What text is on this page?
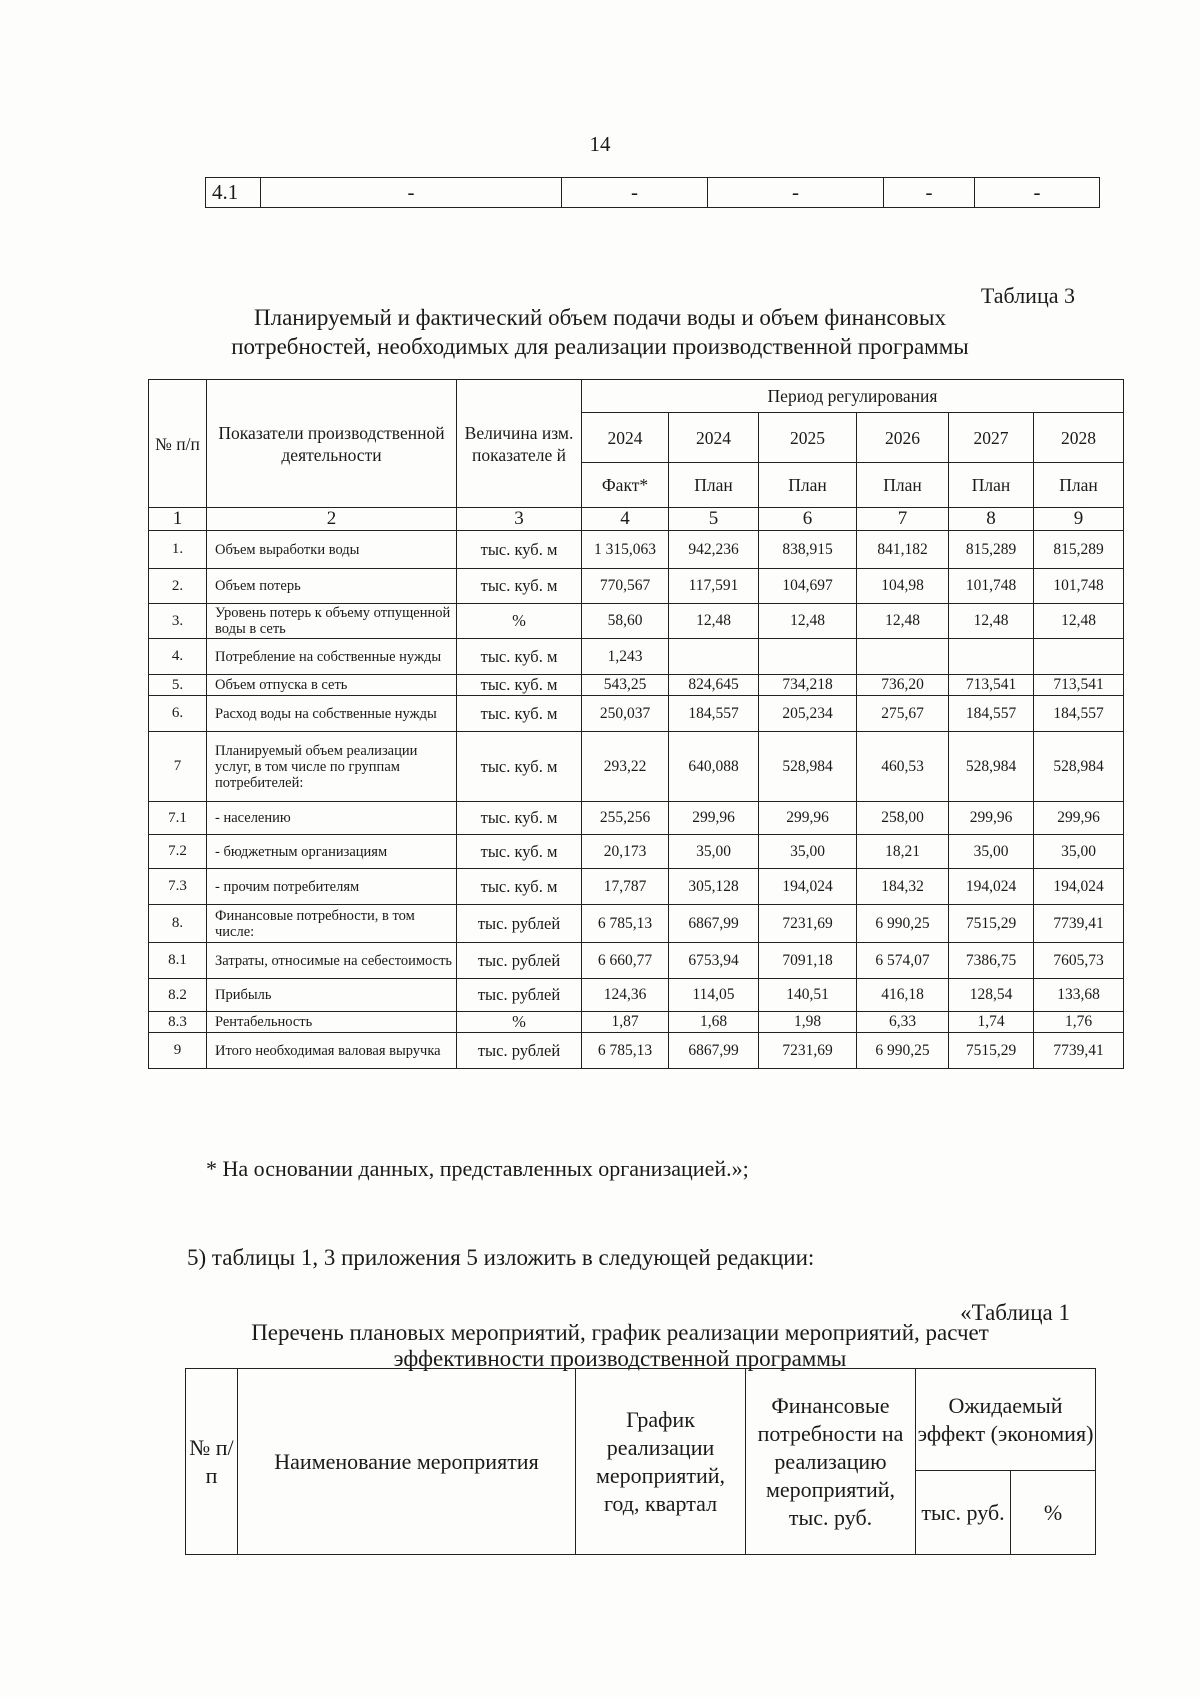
14
4.1	-	-	-	-	-
Таблица 3
Планируемый и фактический объем подачи воды и объем финансовых
потребностей, необходимых для реализации производственной программы
№ п/п	Показатели производственной деятельности	Величина изм. показателе й	Период регулирования					
			2024	2024	2025	2026	2027	2028
			Факт*	План	План	План	План	План
1	2	3	4	5	6	7	8	9
1.	Объем выработки воды	тыс. куб. м	1 315,063	942,236	838,915	841,182	815,289	815,289
2.	Объем потерь	тыс. куб. м	770,567	117,591	104,697	104,98	101,748	101,748
3.	Уровень потерь к объему отпущенной воды в сеть	%	58,60	12,48	12,48	12,48	12,48	12,48
4.	Потребление на собственные нужды	тыс. куб. м	1,243					
5.	Объем отпуска в сеть	тыс. куб. м	543,25	824,645	734,218	736,20	713,541	713,541
6.	Расход воды на собственные нужды	тыс. куб. м	250,037	184,557	205,234	275,67	184,557	184,557
7	Планируемый объем реализации услуг, в том числе по группам потребителей:	тыс. куб. м	293,22	640,088	528,984	460,53	528,984	528,984
7.1	- населению	тыс. куб. м	255,256	299,96	299,96	258,00	299,96	299,96
7.2	- бюджетным организациям	тыс. куб. м	20,173	35,00	35,00	18,21	35,00	35,00
7.3	- прочим потребителям	тыс. куб. м	17,787	305,128	194,024	184,32	194,024	194,024
8.	Финансовые потребности, в том числе:	тыс. рублей	6 785,13	6867,99	7231,69	6 990,25	7515,29	7739,41
8.1	Затраты, относимые на себестоимость	тыс. рублей	6 660,77	6753,94	7091,18	6 574,07	7386,75	7605,73
8.2	Прибыль	тыс. рублей	124,36	114,05	140,51	416,18	128,54	133,68
8.3	Рентабельность	%	1,87	1,68	1,98	6,33	1,74	1,76
9	Итого необходимая валовая выручка	тыс. рублей	6 785,13	6867,99	7231,69	6 990,25	7515,29	7739,41
* На основании данных, представленных организацией.»;
5) таблицы 1, 3 приложения 5 изложить в следующей редакции:
«Таблица 1
Перечень плановых мероприятий, график реализации мероприятий, расчет
эффективности производственной программы
№ п/ п	Наименование мероприятия	График реализации мероприятий, год, квартал	Финансовые потребности на реализацию мероприятий, тыс. руб.	Ожидаемый эффект (экономия)	
				тыс. руб.	%
